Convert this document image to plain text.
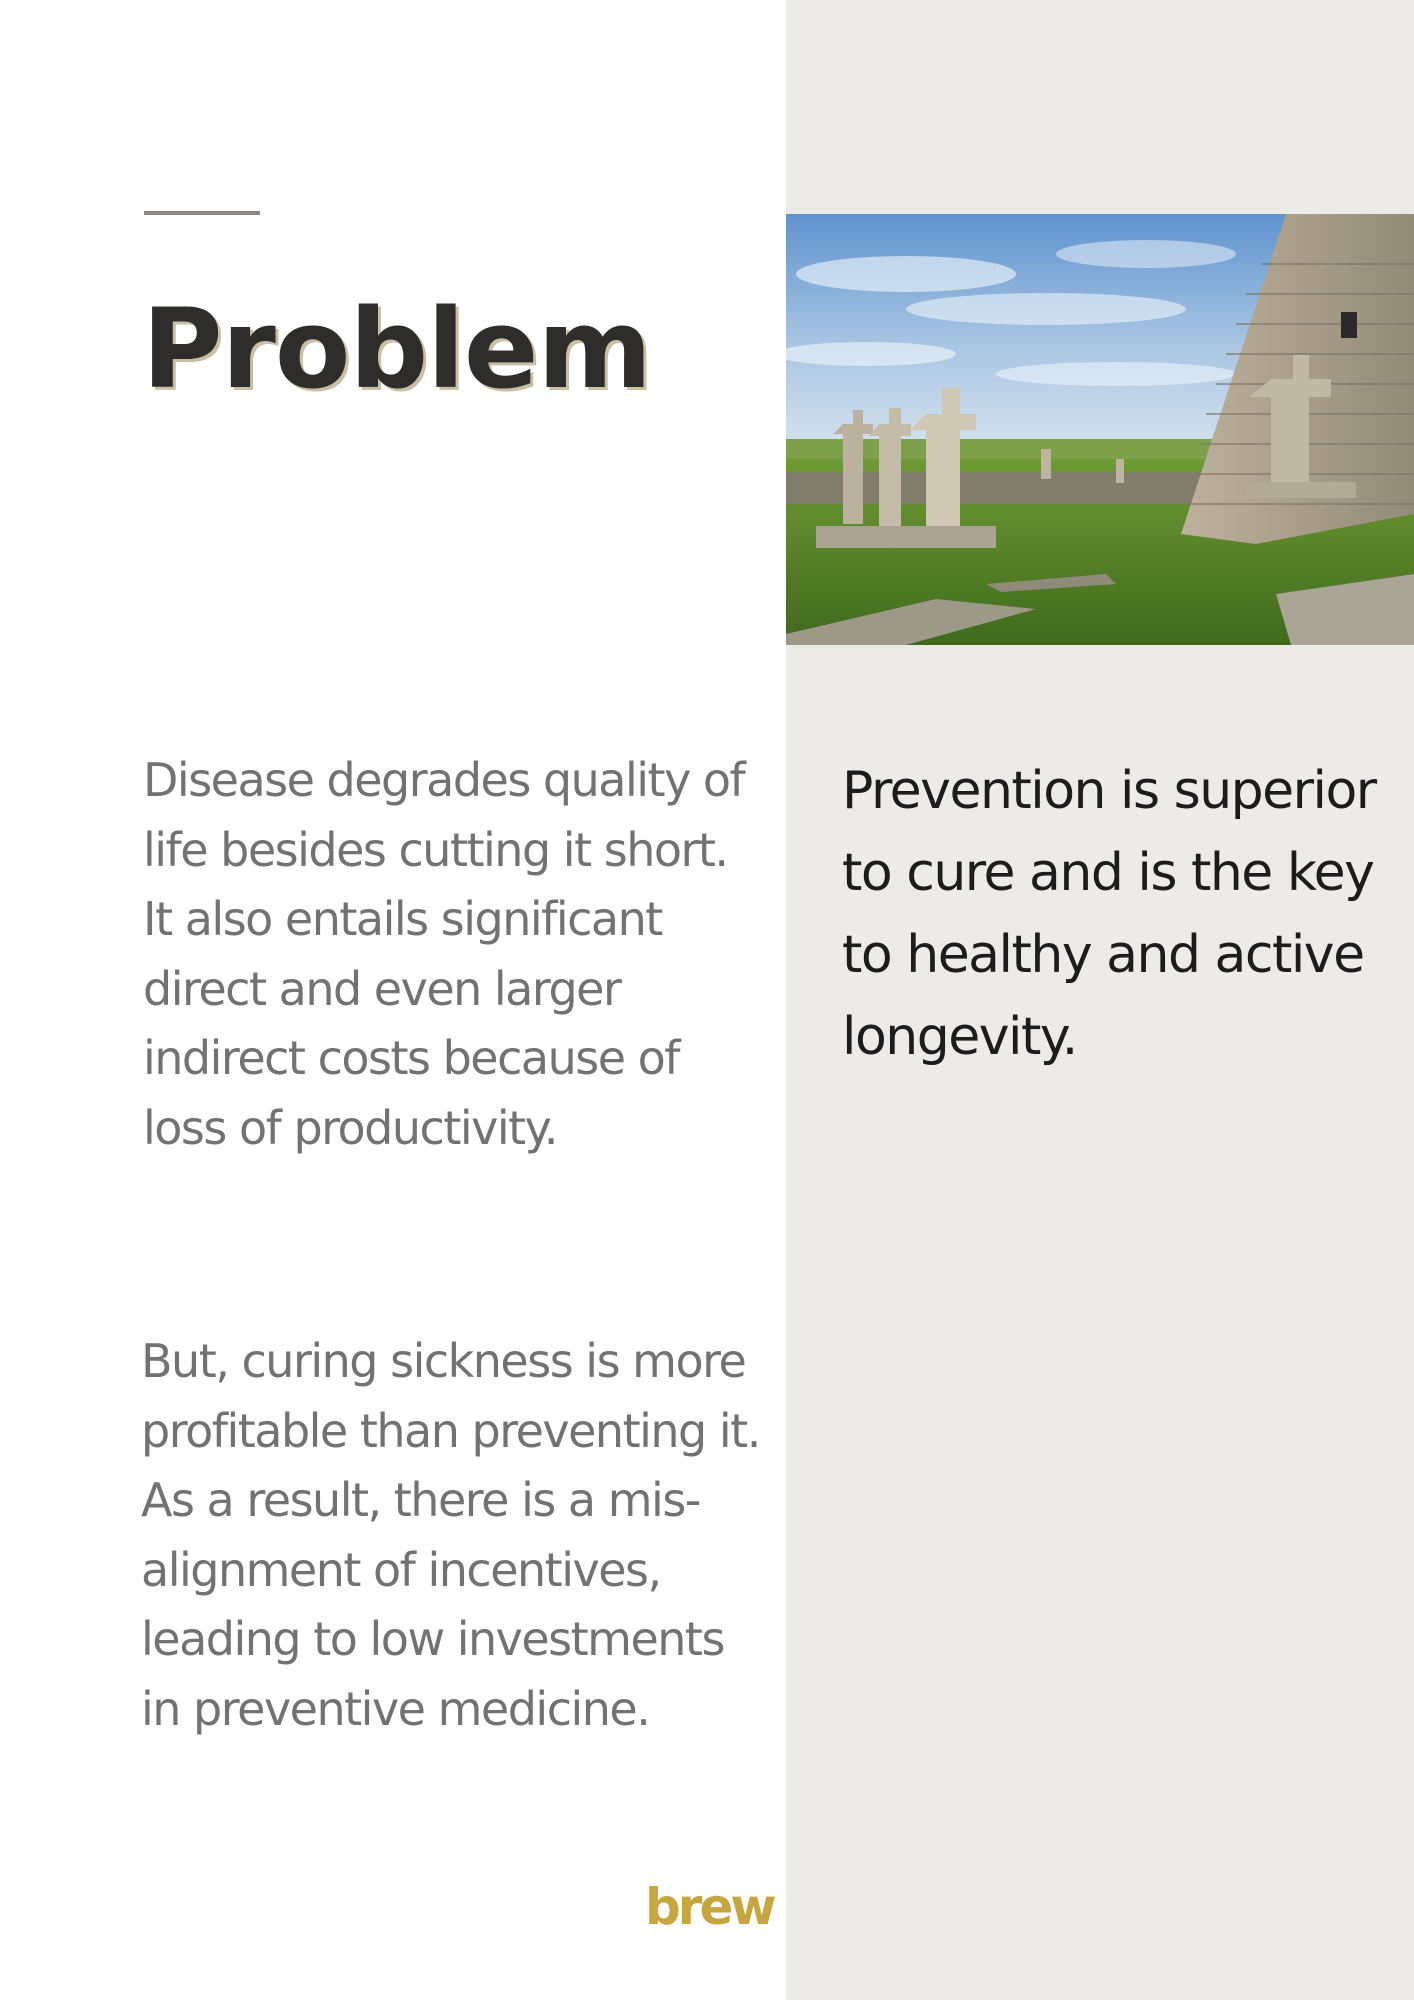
Problem

Disease degrades quality of life besides cutting it short. It also entails significant direct and even larger indirect costs because of loss of productivity.

But, curing sickness is more profitable than preventing it. As a result, there is a mis-alignment of incentives, leading to low investments in preventive medicine.

Prevention is superior to cure and is the key to healthy and active longevity.

brew
